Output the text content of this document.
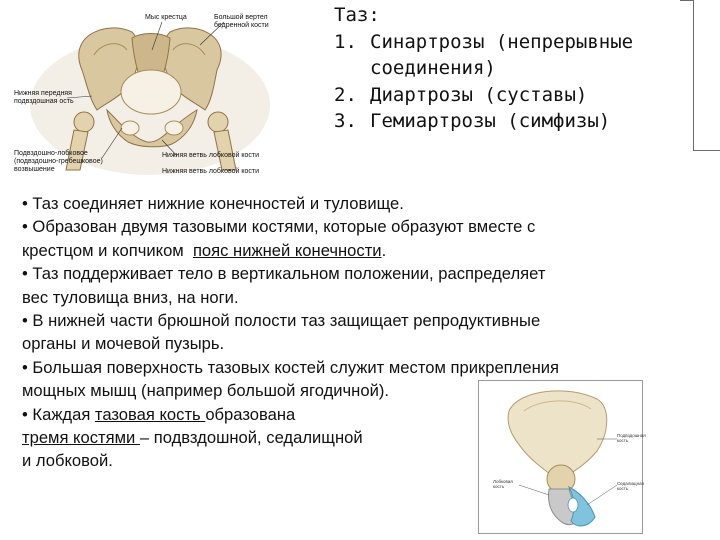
Мыс крестца	Большой вертел
бедренной кости
Нижняя передняя
подвздошная ость
Подвздошно-лобковое
(подвздошно-гребешковое)
возвышение
Нижняя ветвь лобковой кости
Нижняя ветвь лобковой кости
Таз:
1. Синартрозы (непрерывные
соединения)
2. Диартрозы (суставы)
3. Гемиартрозы (симфизы)

• Таз соединяет нижние конечностей и туловище.

• Образован двумя тазовыми костями, которые образуют вместе с

крестцом и копчиком  пояс нижней конечности.

• Таз поддерживает тело в вертикальном положении, распределяет

вес туловища вниз, на ноги.

• В нижней части брюшной полости таз защищает репродуктивные

органы и мочевой пузырь.

• Большая поверхность тазовых костей служит местом прикрепления

мощных мышц (например большой ягодичной).

• Каждая тазовая кость образована

тремя костями – подвздошной, седалищной

и лобковой.

Подвздошная
кость
Лобковая
кость
Седалищная
кость
